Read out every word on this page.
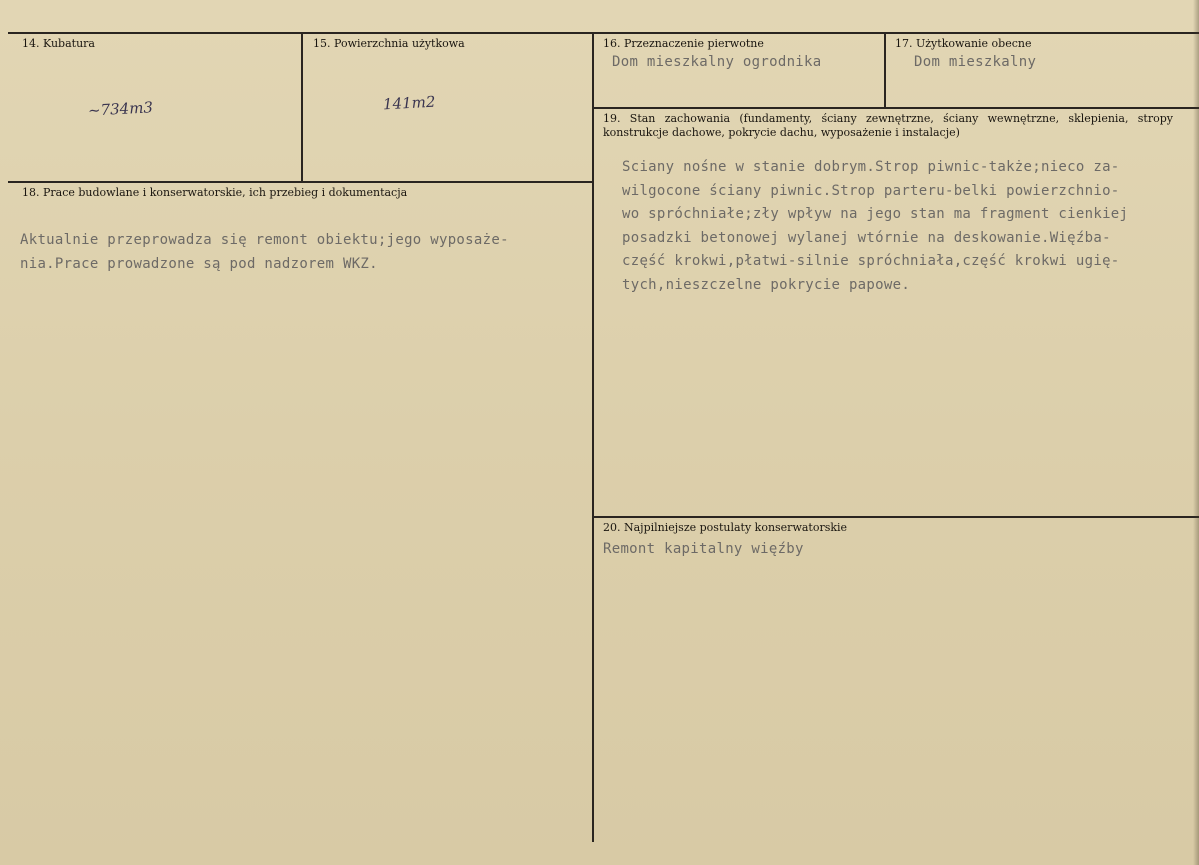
14. Kubatura
~734m3
15. Powierzchnia użytkowa
141m2
16. Przeznaczenie pierwotne
Dom mieszkalny ogrodnika
17. Użytkowanie obecne
Dom mieszkalny
18. Prace budowlane i konserwatorskie, ich przebieg i dokumentacja
Aktualnie przeprowadza się remont obiektu;jego wyposaże-
nia.Prace prowadzone są pod nadzorem WKZ.
19. Stan zachowania (fundamenty, ściany zewnętrzne, ściany wewnętrzne, sklepienia, stropy konstrukcje dachowe, pokrycie dachu, wyposażenie i instalacje)
Sciany nośne w stanie dobrym.Strop piwnic-także;nieco za-
wilgocone ściany piwnic.Strop parteru-belki powierzchnio-
wo spróchniałe;zły wpływ na jego stan ma fragment cienkiej
posadzki betonowej wylanej wtórnie na deskowanie.Więźba-
część krokwi,płatwi-silnie spróchniała,część krokwi ugię-
tych,nieszczelne pokrycie papowe.
20. Najpilniejsze postulaty konserwatorskie
Remont kapitalny więźby
